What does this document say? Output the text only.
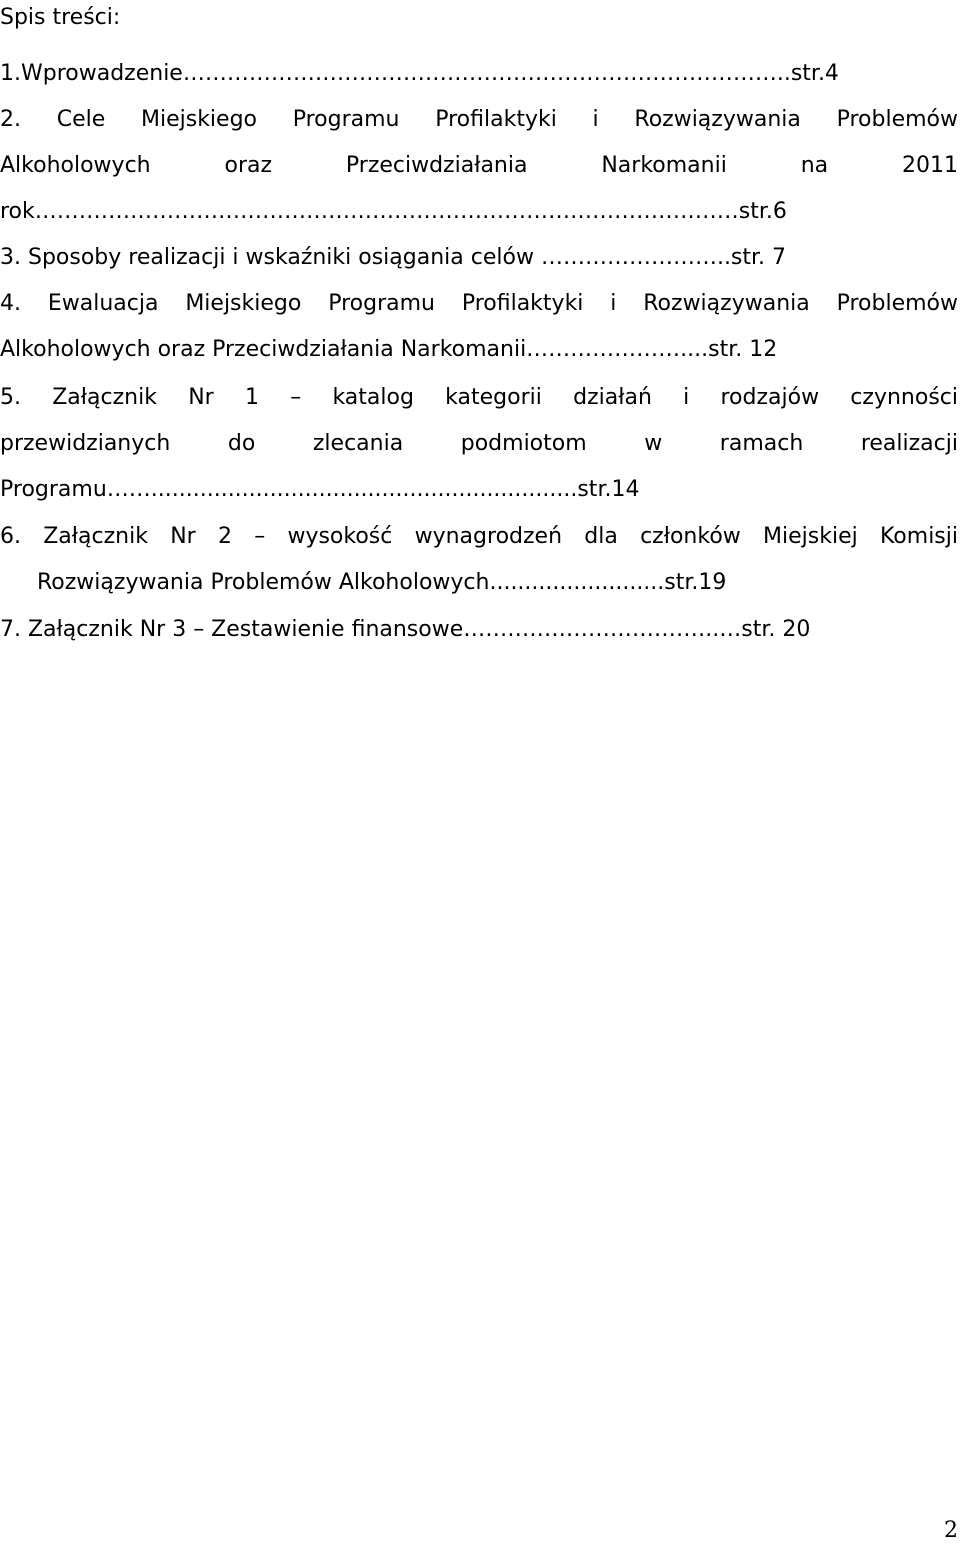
Spis treści:
1.Wprowadzenie………………………………………………………………………..str.4
2. Cele Miejskiego Programu Profilaktyki i Rozwiązywania Problemów
Alkoholowych oraz Przeciwdziałania Narkomanii na 2011
rok……………………………………………………………………………………str.6
3. Sposoby realizacji i wskaźniki osiągania celów ……………………..str. 7
4. Ewaluacja Miejskiego Programu Profilaktyki i Rozwiązywania Problemów
Alkoholowych oraz Przeciwdziałania Narkomanii…………………....str. 12
5. Załącznik Nr 1 – katalog kategorii działań i rodzajów czynności
przewidzianych do zlecania podmiotom w ramach realizacji
Programu…….............................................................str.14
6. Załącznik Nr 2 – wysokość wynagrodzeń dla członków Miejskiej Komisji
Rozwiązywania Problemów Alkoholowych.........................str.19
7. Załącznik Nr 3 – Zestawienie finansowe……………………………..…str. 20
2
